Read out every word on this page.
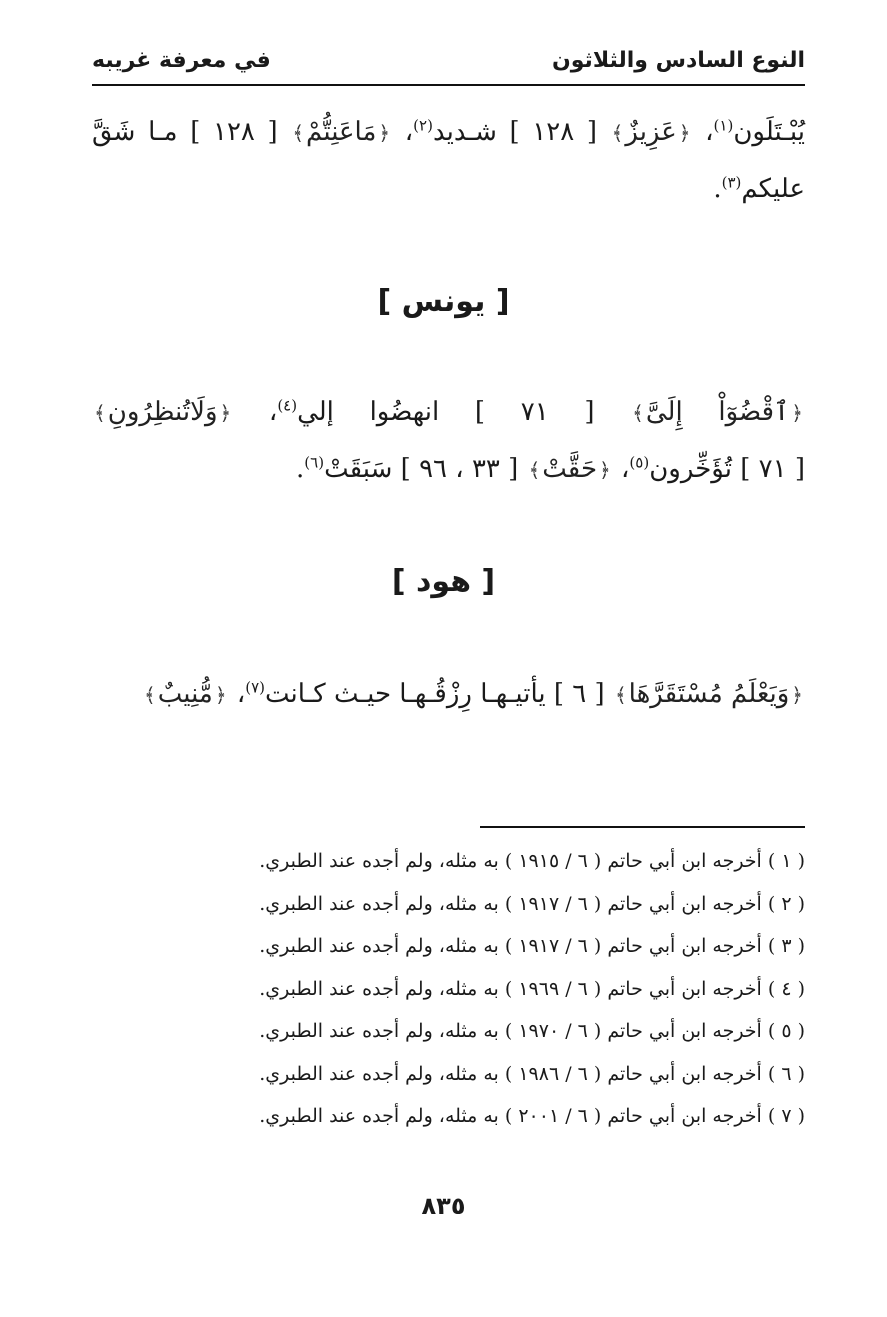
النوع السادس والثلاثون
في معرفة غريبه
يُبْـتَلَون$^{(١)}$، ﴿عَزِيزٌ﴾ [ ١٢٨ ] شـديد$^{(٢)}$، ﴿مَاعَنِتُّمْ﴾ [ ١٢٨ ] مـا شَقَّ عليكم$^{(٣)}$.
[ يونس ]
﴿ٱقْضُوٓاْ إِلَىَّ﴾ [ ٧١ ] انهضُوا إلي$^{(٤)}$، ﴿وَلَاتُنظِرُونِ﴾ [ ٧١ ] تُؤَخِّرون$^{(٥)}$، ﴿حَقَّتْ﴾ [ ٣٣ ، ٩٦ ] سَبَقَتْ$^{(٦)}$.
[ هود ]
﴿وَيَعْلَمُ مُسْتَقَرَّهَا﴾ [ ٦ ] يأتيـهـا رِزْقُـهـا حيـث كـانت$^{(٧)}$، ﴿مُّنِيبٌ﴾
( ١ ) أخرجه ابن أبي حاتم ( ٦ / ١٩١٥ ) به مثله، ولم أجده عند الطبري.
( ٢ ) أخرجه ابن أبي حاتم ( ٦ / ١٩١٧ ) به مثله، ولم أجده عند الطبري.
( ٣ ) أخرجه ابن أبي حاتم ( ٦ / ١٩١٧ ) به مثله، ولم أجده عند الطبري.
( ٤ ) أخرجه ابن أبي حاتم ( ٦ / ١٩٦٩ ) به مثله، ولم أجده عند الطبري.
( ٥ ) أخرجه ابن أبي حاتم ( ٦ / ١٩٧٠ ) به مثله، ولم أجده عند الطبري.
( ٦ ) أخرجه ابن أبي حاتم ( ٦ / ١٩٨٦ ) به مثله، ولم أجده عند الطبري.
( ٧ ) أخرجه ابن أبي حاتم ( ٦ / ٢٠٠١ ) به مثله، ولم أجده عند الطبري.
٨٣٥
